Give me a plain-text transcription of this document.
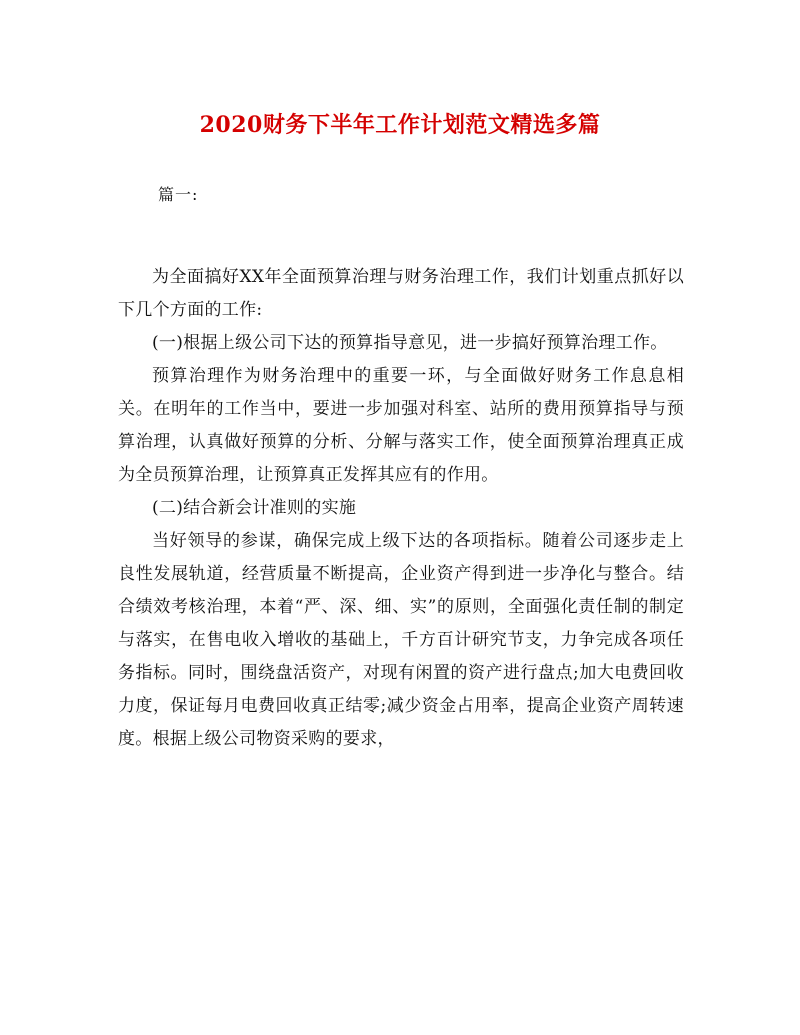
2020财务下半年工作计划范文精选多篇
篇一:

为全面搞好XX年全面预算治理与财务治理工作，我们计划重点抓好以下几个方面的工作:

(一)根据上级公司下达的预算指导意见，进一步搞好预算治理工作。

预算治理作为财务治理中的重要一环，与全面做好财务工作息息相关。在明年的工作当中，要进一步加强对科室、站所的费用预算指导与预算治理，认真做好预算的分析、分解与落实工作，使全面预算治理真正成为全员预算治理，让预算真正发挥其应有的作用。

(二)结合新会计准则的实施

当好领导的参谋，确保完成上级下达的各项指标。随着公司逐步走上良性发展轨道，经营质量不断提高，企业资产得到进一步净化与整合。结合绩效考核治理，本着“严、深、细、实”的原则，全面强化责任制的制定与落实，在售电收入增收的基础上，千方百计研究节支，力争完成各项任务指标。同时，围绕盘活资产，对现有闲置的资产进行盘点;加大电费回收力度，保证每月电费回收真正结零;减少资金占用率，提高企业资产周转速度。根据上级公司物资采购的要求，
